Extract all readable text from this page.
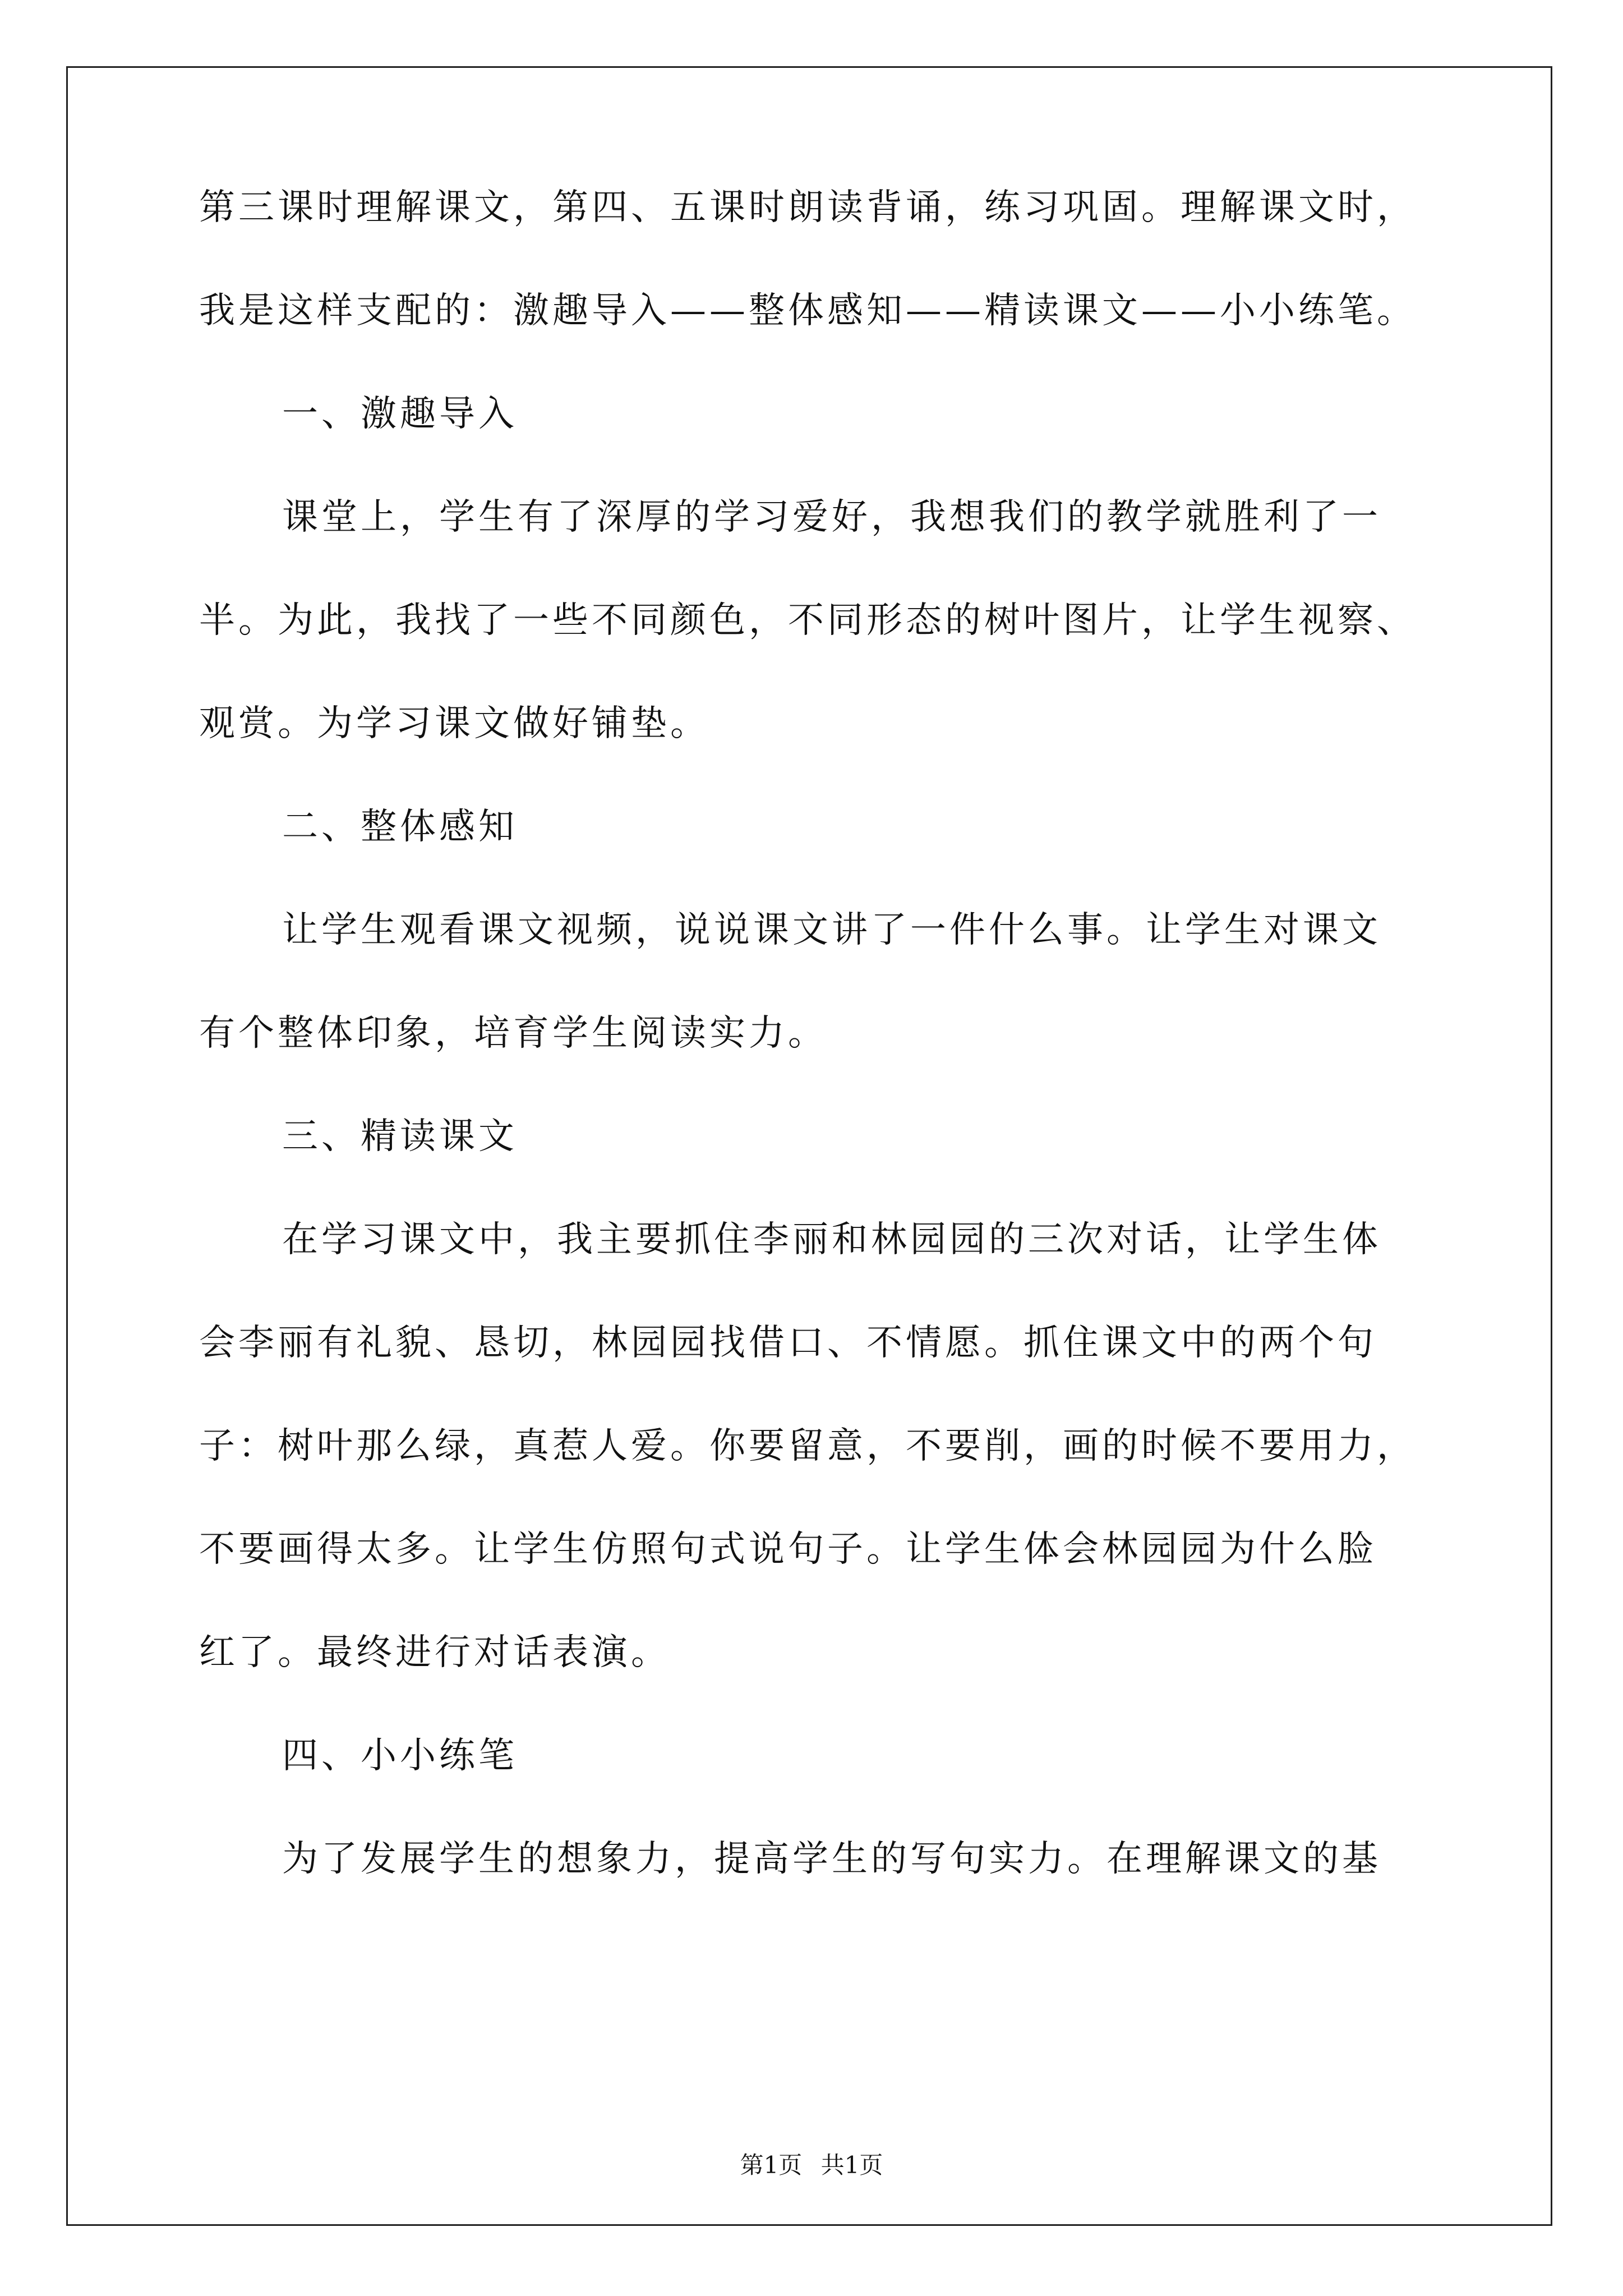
第三课时理解课文，第四、五课时朗读背诵，练习巩固。理解课文时，
我是这样支配的：激趣导入——整体感知——精读课文——小小练笔。
一、激趣导入
课堂上，学生有了深厚的学习爱好，我想我们的教学就胜利了一
半。为此，我找了一些不同颜色，不同形态的树叶图片，让学生视察、
观赏。为学习课文做好铺垫。
二、整体感知
让学生观看课文视频，说说课文讲了一件什么事。让学生对课文
有个整体印象，培育学生阅读实力。
三、精读课文
在学习课文中，我主要抓住李丽和林园园的三次对话，让学生体
会李丽有礼貌、恳切，林园园找借口、不情愿。抓住课文中的两个句
子：树叶那么绿，真惹人爱。你要留意，不要削，画的时候不要用力，
不要画得太多。让学生仿照句式说句子。让学生体会林园园为什么脸
红了。最终进行对话表演。
四、小小练笔
为了发展学生的想象力，提高学生的写句实力。在理解课文的基
第1页 共1页
